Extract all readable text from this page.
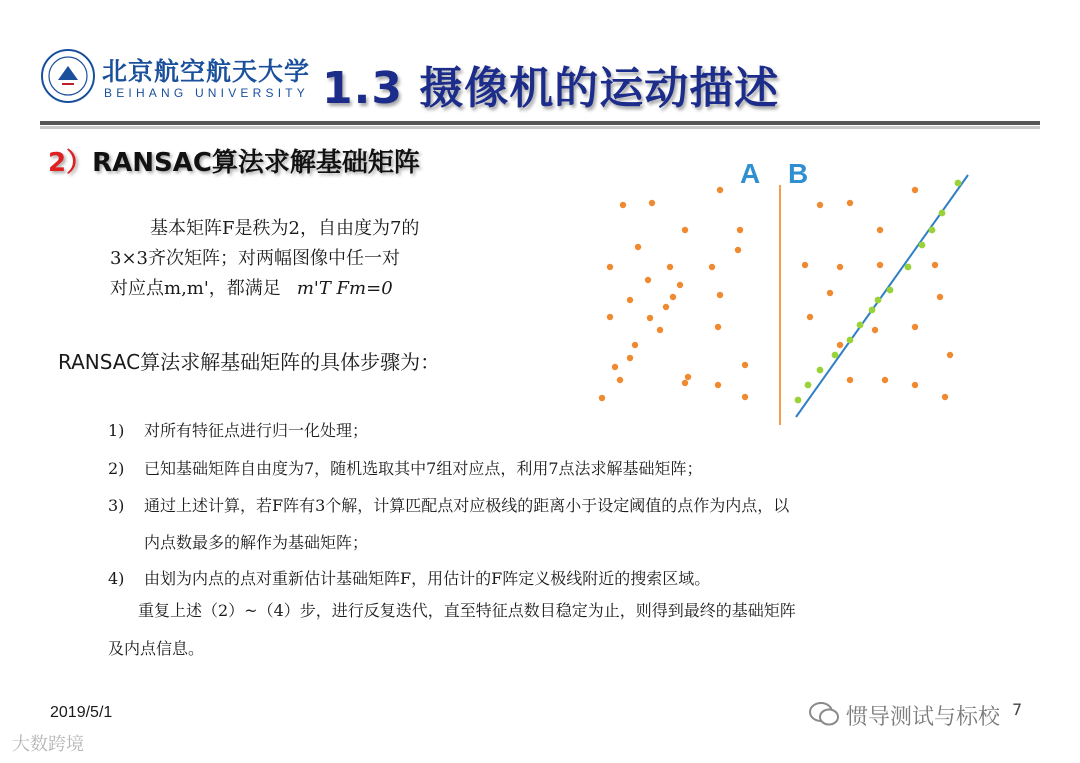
北京航空航天大学
BEIHANG UNIVERSITY 1.3 摄像机的运动描述
2）RANSAC算法求解基础矩阵
基本矩阵F是秩为2，自由度为7的
3×3齐次矩阵；对两幅图像中任一对
对应点m,m'，都满足 m'T Fm=0
RANSAC算法求解基础矩阵的具体步骤为：
1) 对所有特征点进行归一化处理；
2) 已知基础矩阵自由度为7，随机选取其中7组对应点，利用7点法求解基础矩阵；
3) 通过上述计算，若F阵有3个解，计算匹配点对应极线的距离小于设定阈值的点作为内点，以
内点数最多的解作为基础矩阵；
4) 由划为内点的点对重新估计基础矩阵F，用估计的F阵定义极线附近的搜索区域。
重复上述（2）~（4）步，进行反复迭代，直至特征点数目稳定为止，则得到最终的基础矩阵
及内点信息。
A B
2019/5/1	惯导测试与标校 7
大数跨境
